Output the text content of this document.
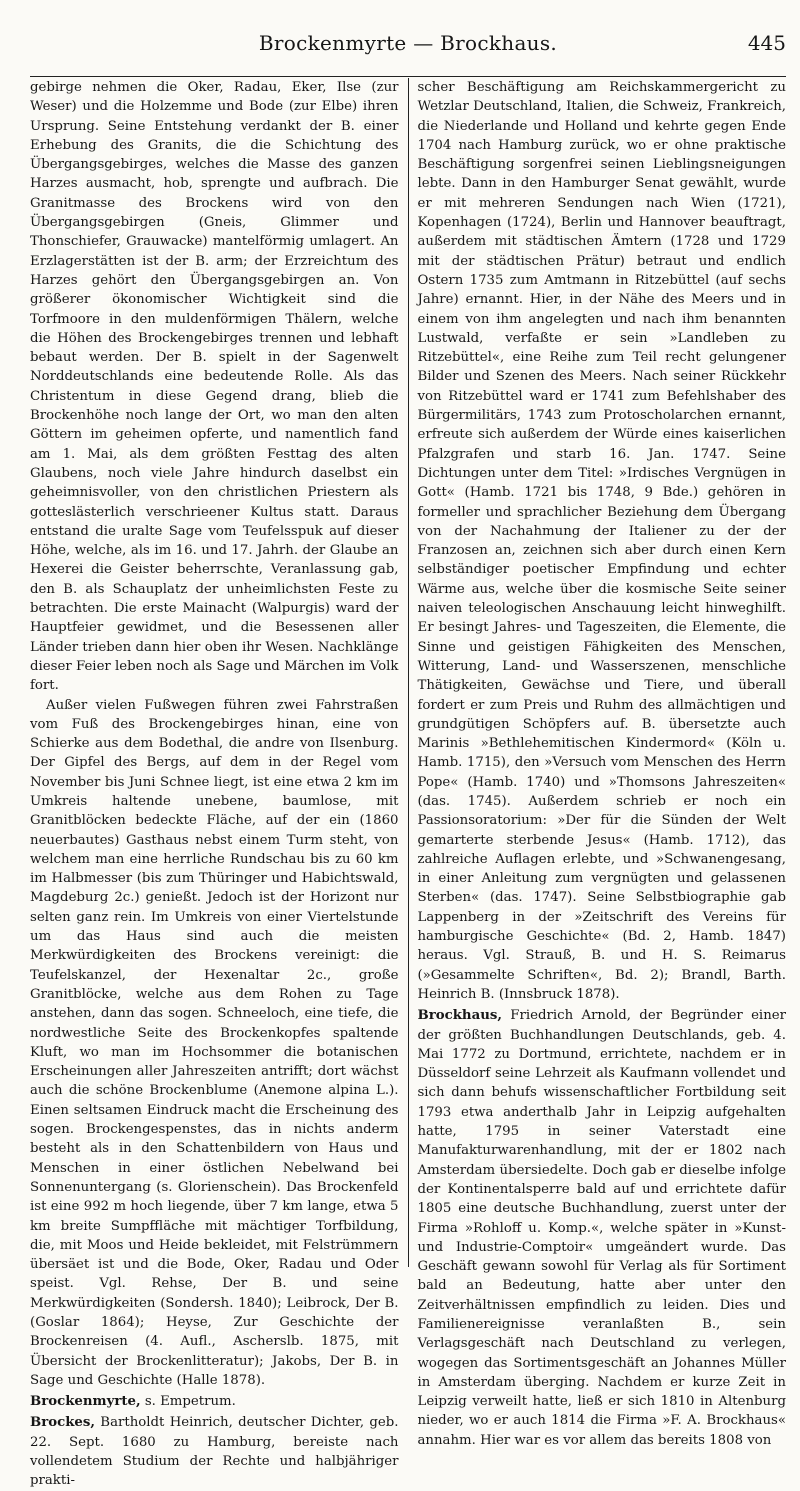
Brockenmyrte — Brockhaus.	445

gebirge nehmen die Oker, Radau, Eker, Ilse (zur Weser) und die Holzemme und Bode (zur Elbe) ihren Ursprung. Seine Entstehung verdankt der B. einer Erhebung des Granits, die die Schichtung des Übergangsgebirges, welches die Masse des ganzen Harzes ausmacht, hob, sprengte und aufbrach. Die Granitmasse des Brockens wird von den Übergangsgebirgen (Gneis, Glimmer und Thonschiefer, Grauwacke) mantelförmig umlagert. An Erzlagerstätten ist der B. arm; der Erzreichtum des Harzes gehört den Übergangsgebirgen an. Von größerer ökonomischer Wichtigkeit sind die Torfmoore in den muldenförmigen Thälern, welche die Höhen des Brockengebirges trennen und lebhaft bebaut werden. Der B. spielt in der Sagenwelt Norddeutschlands eine bedeutende Rolle. Als das Christentum in diese Gegend drang, blieb die Brockenhöhe noch lange der Ort, wo man den alten Göttern im geheimen opferte, und namentlich fand am 1. Mai, als dem größten Festtag des alten Glaubens, noch viele Jahre hindurch daselbst ein geheimnisvoller, von den christlichen Priestern als gotteslästerlich verschrieener Kultus statt. Daraus entstand die uralte Sage vom Teufelsspuk auf dieser Höhe, welche, als im 16. und 17. Jahrh. der Glaube an Hexerei die Geister beherrschte, Veranlassung gab, den B. als Schauplatz der unheimlichsten Feste zu betrachten. Die erste Mainacht (Walpurgis) ward der Hauptfeier gewidmet, und die Besessenen aller Länder trieben dann hier oben ihr Wesen. Nachklänge dieser Feier leben noch als Sage und Märchen im Volk fort.

Außer vielen Fußwegen führen zwei Fahrstraßen vom Fuß des Brockengebirges hinan, eine von Schierke aus dem Bodethal, die andre von Ilsenburg. Der Gipfel des Bergs, auf dem in der Regel vom November bis Juni Schnee liegt, ist eine etwa 2 km im Umkreis haltende unebene, baumlose, mit Granitblöcken bedeckte Fläche, auf der ein (1860 neuerbautes) Gasthaus nebst einem Turm steht, von welchem man eine herrliche Rundschau bis zu 60 km im Halbmesser (bis zum Thüringer und Habichtswald, Magdeburg 2c.) genießt. Jedoch ist der Horizont nur selten ganz rein. Im Umkreis von einer Viertelstunde um das Haus sind auch die meisten Merkwürdigkeiten des Brockens vereinigt: die Teufelskanzel, der Hexenaltar 2c., große Granitblöcke, welche aus dem Rohen zu Tage anstehen, dann das sogen. Schneeloch, eine tiefe, die nordwestliche Seite des Brockenkopfes spaltende Kluft, wo man im Hochsommer die botanischen Erscheinungen aller Jahreszeiten antrifft; dort wächst auch die schöne Brockenblume (Anemone alpina L.). Einen seltsamen Eindruck macht die Erscheinung des sogen. Brockengespenstes, das in nichts anderm besteht als in den Schattenbildern von Haus und Menschen in einer östlichen Nebelwand bei Sonnenuntergang (s. Glorienschein). Das Brockenfeld ist eine 992 m hoch liegende, über 7 km lange, etwa 5 km breite Sumpffläche mit mächtiger Torfbildung, die, mit Moos und Heide bekleidet, mit Felstrümmern übersäet ist und die Bode, Oker, Radau und Oder speist. Vgl. Rehse, Der B. und seine Merkwürdigkeiten (Sondersh. 1840); Leibrock, Der B. (Goslar 1864); Heyse, Zur Geschichte der Brockenreisen (4. Aufl., Ascherslb. 1875, mit Übersicht der Brockenlitteratur); Jakobs, Der B. in Sage und Geschichte (Halle 1878).

Brockenmyrte, s. Empetrum.

Brockes, Bartholdt Heinrich, deutscher Dichter, geb. 22. Sept. 1680 zu Hamburg, bereiste nach vollendetem Studium der Rechte und halbjähriger prakti-

scher Beschäftigung am Reichskammergericht zu Wetzlar Deutschland, Italien, die Schweiz, Frankreich, die Niederlande und Holland und kehrte gegen Ende 1704 nach Hamburg zurück, wo er ohne praktische Beschäftigung sorgenfrei seinen Lieblingsneigungen lebte. Dann in den Hamburger Senat gewählt, wurde er mit mehreren Sendungen nach Wien (1721), Kopenhagen (1724), Berlin und Hannover beauftragt, außerdem mit städtischen Ämtern (1728 und 1729 mit der städtischen Prätur) betraut und endlich Ostern 1735 zum Amtmann in Ritzebüttel (auf sechs Jahre) ernannt. Hier, in der Nähe des Meers und in einem von ihm angelegten und nach ihm benannten Lustwald, verfaßte er sein »Landleben zu Ritzebüttel«, eine Reihe zum Teil recht gelungener Bilder und Szenen des Meers. Nach seiner Rückkehr von Ritzebüttel ward er 1741 zum Befehlshaber des Bürgermilitärs, 1743 zum Protoscholarchen ernannt, erfreute sich außerdem der Würde eines kaiserlichen Pfalzgrafen und starb 16. Jan. 1747. Seine Dichtungen unter dem Titel: »Irdisches Vergnügen in Gott« (Hamb. 1721 bis 1748, 9 Bde.) gehören in formeller und sprachlicher Beziehung dem Übergang von der Nachahmung der Italiener zu der der Franzosen an, zeichnen sich aber durch einen Kern selbständiger poetischer Empfindung und echter Wärme aus, welche über die kosmische Seite seiner naiven teleologischen Anschauung leicht hinweghilft. Er besingt Jahres- und Tageszeiten, die Elemente, die Sinne und geistigen Fähigkeiten des Menschen, Witterung, Land- und Wasserszenen, menschliche Thätigkeiten, Gewächse und Tiere, und überall fordert er zum Preis und Ruhm des allmächtigen und grundgütigen Schöpfers auf. B. übersetzte auch Marinis »Bethlehemitischen Kindermord« (Köln u. Hamb. 1715), den »Versuch vom Menschen des Herrn Pope« (Hamb. 1740) und »Thomsons Jahreszeiten« (das. 1745). Außerdem schrieb er noch ein Passionsoratorium: »Der für die Sünden der Welt gemarterte sterbende Jesus« (Hamb. 1712), das zahlreiche Auflagen erlebte, und »Schwanengesang, in einer Anleitung zum vergnügten und gelassenen Sterben« (das. 1747). Seine Selbstbiographie gab Lappenberg in der »Zeitschrift des Vereins für hamburgische Geschichte« (Bd. 2, Hamb. 1847) heraus. Vgl. Strauß, B. und H. S. Reimarus (»Gesammelte Schriften«, Bd. 2); Brandl, Barth. Heinrich B. (Innsbruck 1878).

Brockhaus, Friedrich Arnold, der Begründer einer der größten Buchhandlungen Deutschlands, geb. 4. Mai 1772 zu Dortmund, errichtete, nachdem er in Düsseldorf seine Lehrzeit als Kaufmann vollendet und sich dann behufs wissenschaftlicher Fortbildung seit 1793 etwa anderthalb Jahr in Leipzig aufgehalten hatte, 1795 in seiner Vaterstadt eine Manufakturwarenhandlung, mit der er 1802 nach Amsterdam übersiedelte. Doch gab er dieselbe infolge der Kontinentalsperre bald auf und errichtete dafür 1805 eine deutsche Buchhandlung, zuerst unter der Firma »Rohloff u. Komp.«, welche später in »Kunst- und Industrie-Comptoir« umgeändert wurde. Das Geschäft gewann sowohl für Verlag als für Sortiment bald an Bedeutung, hatte aber unter den Zeitverhältnissen empfindlich zu leiden. Dies und Familienereignisse veranlaßten B., sein Verlagsgeschäft nach Deutschland zu verlegen, wogegen das Sortimentsgeschäft an Johannes Müller in Amsterdam überging. Nachdem er kurze Zeit in Leipzig verweilt hatte, ließ er sich 1810 in Altenburg nieder, wo er auch 1814 die Firma »F. A. Brockhaus« annahm. Hier war es vor allem das bereits 1808 von
